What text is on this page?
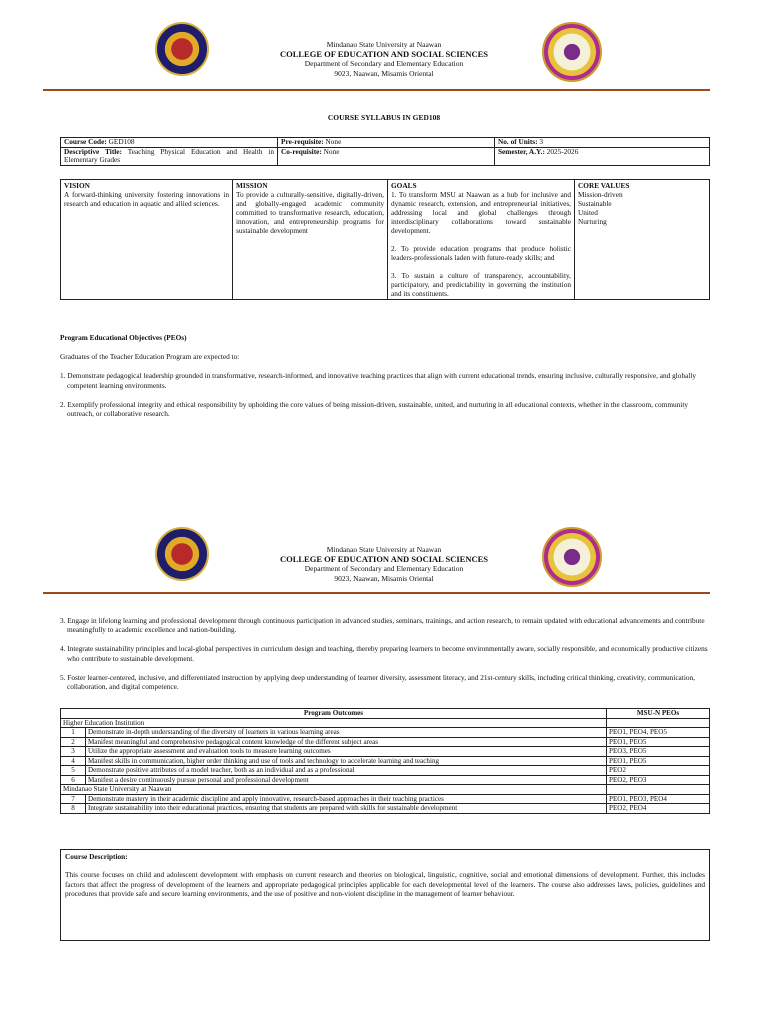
Mindanao State University at Naawan
COLLEGE OF EDUCATION AND SOCIAL SCIENCES
Department of Secondary and Elementary Education
9023, Naawan, Misamis Oriental
COURSE SYLLABUS IN GED108
Course Code: GED108	Pre-requisite: None	No. of Units: 3
Descriptive Title: Teaching Physical Education and Health in Elementary Grades	Co-requisite: None	Semester, A.Y.: 2025-2026
VISION
A forward-thinking university fostering innovations in research and education in aquatic and allied sciences.	
MISSION
To provide a culturally-sensitive, digitally-driven, and globally-engaged academic community committed to transformative research, education, innovation, and entrepreneurship programs for sustainable development	
GOALS

1. To transform MSU at Naawan as a hub for inclusive and dynamic research, extension, and entrepreneurial initiatives, addressing local and global challenges through interdisciplinary collaborations toward sustainable development.

2. To provide education programs that produce holistic leaders-professionals laden with future-ready skills; and

3. To sustain a culture of transparency, accountability, participatory, and predictability in governing the institution and its constituents.

CORE VALUES
Mission-driven
Sustainable
United
Nurturing

Program Educational Objectives (PEOs)

Graduates of the Teacher Education Program are expected to:

1. Demonstrate pedagogical leadership grounded in transformative, research-informed, and innovative teaching practices that align with current educational trends, ensuring inclusive, culturally responsive, and globally competent learning environments.

2. Exemplify professional integrity and ethical responsibility by upholding the core values of being mission-driven, sustainable, united, and nurturing in all educational contexts, whether in the classroom, community outreach, or collaborative research.

Mindanao State University at Naawan
COLLEGE OF EDUCATION AND SOCIAL SCIENCES
Department of Secondary and Elementary Education
9023, Naawan, Misamis Oriental

3. Engage in lifelong learning and professional development through continuous participation in advanced studies, seminars, trainings, and action research, to remain updated with educational advancements and contribute meaningfully to academic excellence and nation-building.

4. Integrate sustainability principles and local-global perspectives in curriculum design and teaching, thereby preparing learners to become environmentally aware, socially responsible, and economically productive citizens who contribute to sustainable development.

5. Foster learner-centered, inclusive, and differentiated instruction by applying deep understanding of learner diversity, assessment literacy, and 21st-century skills, including critical thinking, creativity, communication, collaboration, and digital competence.

Program Outcomes		MSU-N PEOs
Higher Education Institution		
1	Demonstrate in-depth understanding of the diversity of learners in various learning areas	PEO1, PEO4, PEO5
2	Manifest meaningful and comprehensive pedagogical content knowledge of the different subject areas	PEO1, PEO5
3	Utilize the appropriate assessment and evaluation tools to measure learning outcomes	PEO3, PEO5
4	Manifest skills in communication, higher order thinking and use of tools and technology to accelerate learning and teaching	PEO1, PEO5
5	Demonstrate positive attributes of a model teacher, both as an individual and as a professional	PEO2
6	Manifest a desire continuously pursue personal and professional development	PEO2, PEO3
Mindanao State University at Naawan		
7	Demonstrate mastery in their academic discipline and apply innovative, research-based approaches in their teaching practices	PEO1, PEO3, PEO4
8	Integrate sustainability into their educational practices, ensuring that students are prepared with skills for sustainable development	PEO2, PEO4
Course Description:
This course focuses on child and adolescent development with emphasis on current research and theories on biological, linguistic, cognitive, social and emotional dimensions of development. Further, this includes factors that affect the progress of development of the learners and appropriate pedagogical principles applicable for each developmental level of the learners. The course also addresses laws, policies, guidelines and procedures that provide safe and secure learning environments, and the use of positive and non-violent discipline in the management of learner behaviour.
